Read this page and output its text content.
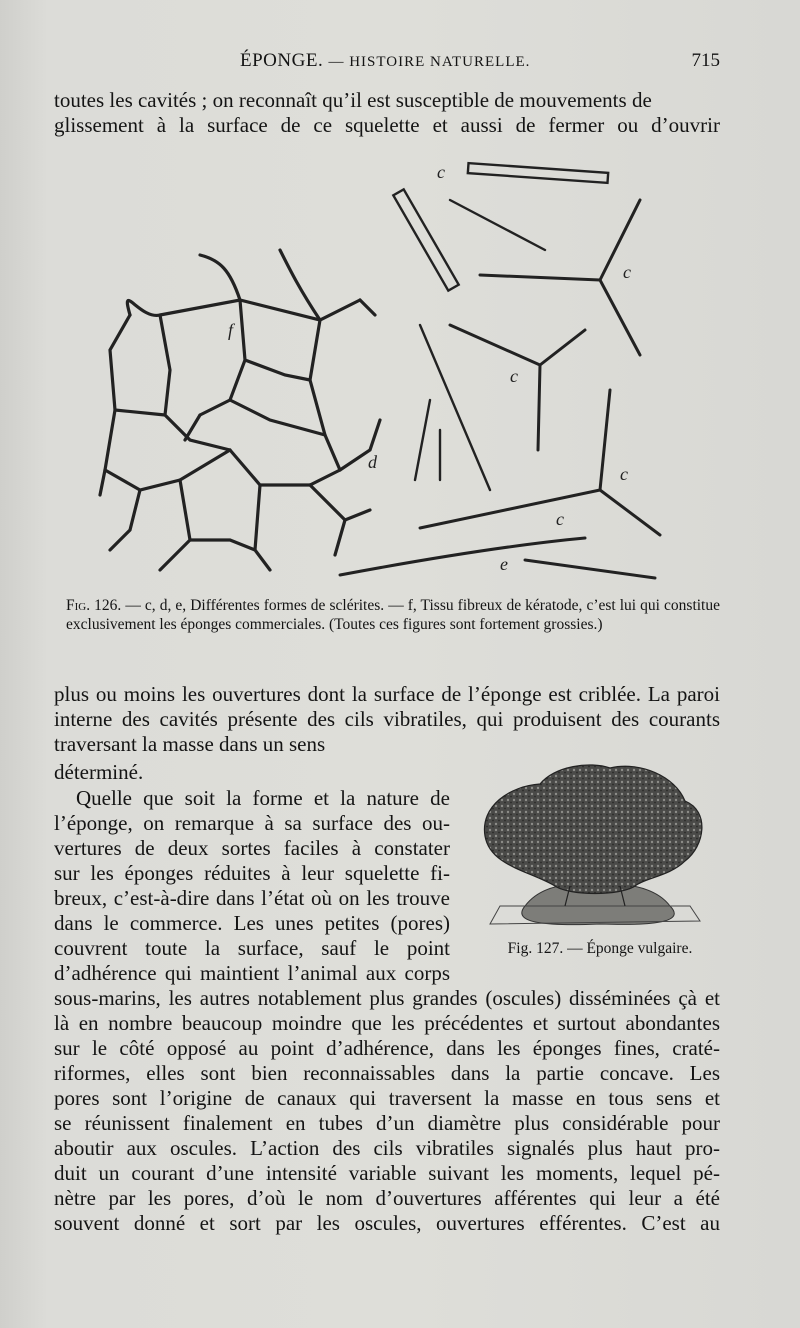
ÉPONGE. — HISTOIRE NATURELLE.	715

toutes les cavités ; on reconnaît qu’il est susceptible de mouvements de

glissement à la surface de ce squelette et aussi de fermer ou d’ouvrir

c
c
c
c
c
d
e
f
Fig. 126. — c, d, e, Différentes formes de sclérites. — f, Tissu fibreux de kératode, c’est lui qui constitue exclusivement les éponges commerciales. (Toutes ces figures sont fortement grossies.)

plus ou moins les ouvertures dont la surface de l’éponge est criblée. La paroi interne des cavités présente des cils vibratiles, qui produisent des courants traversant la masse dans un sens

déterminé.

Quelle que soit la forme et la nature de

l’éponge, on remarque à sa surface des ou-

vertures de deux sortes faciles à constater

sur les éponges réduites à leur squelette fi-

breux, c’est-à-dire dans l’état où on les trouve

dans le commerce. Les unes petites (pores)

couvrent toute la surface, sauf le point

d’adhérence qui maintient l’animal aux corps

Fig. 127. — Éponge vulgaire.

sous-marins, les autres notablement plus grandes (oscules) disséminées çà et

là en nombre beaucoup moindre que les précédentes et surtout abondantes

sur le côté opposé au point d’adhérence, dans les éponges fines, craté-

riformes, elles sont bien reconnaissables dans la partie concave. Les

pores sont l’origine de canaux qui traversent la masse en tous sens et

se réunissent finalement en tubes d’un diamètre plus considérable pour

aboutir aux oscules. L’action des cils vibratiles signalés plus haut pro-

duit un courant d’une intensité variable suivant les moments, lequel pé-

nètre par les pores, d’où le nom d’ouvertures afférentes qui leur a été

souvent donné et sort par les oscules, ouvertures efférentes. C’est au
